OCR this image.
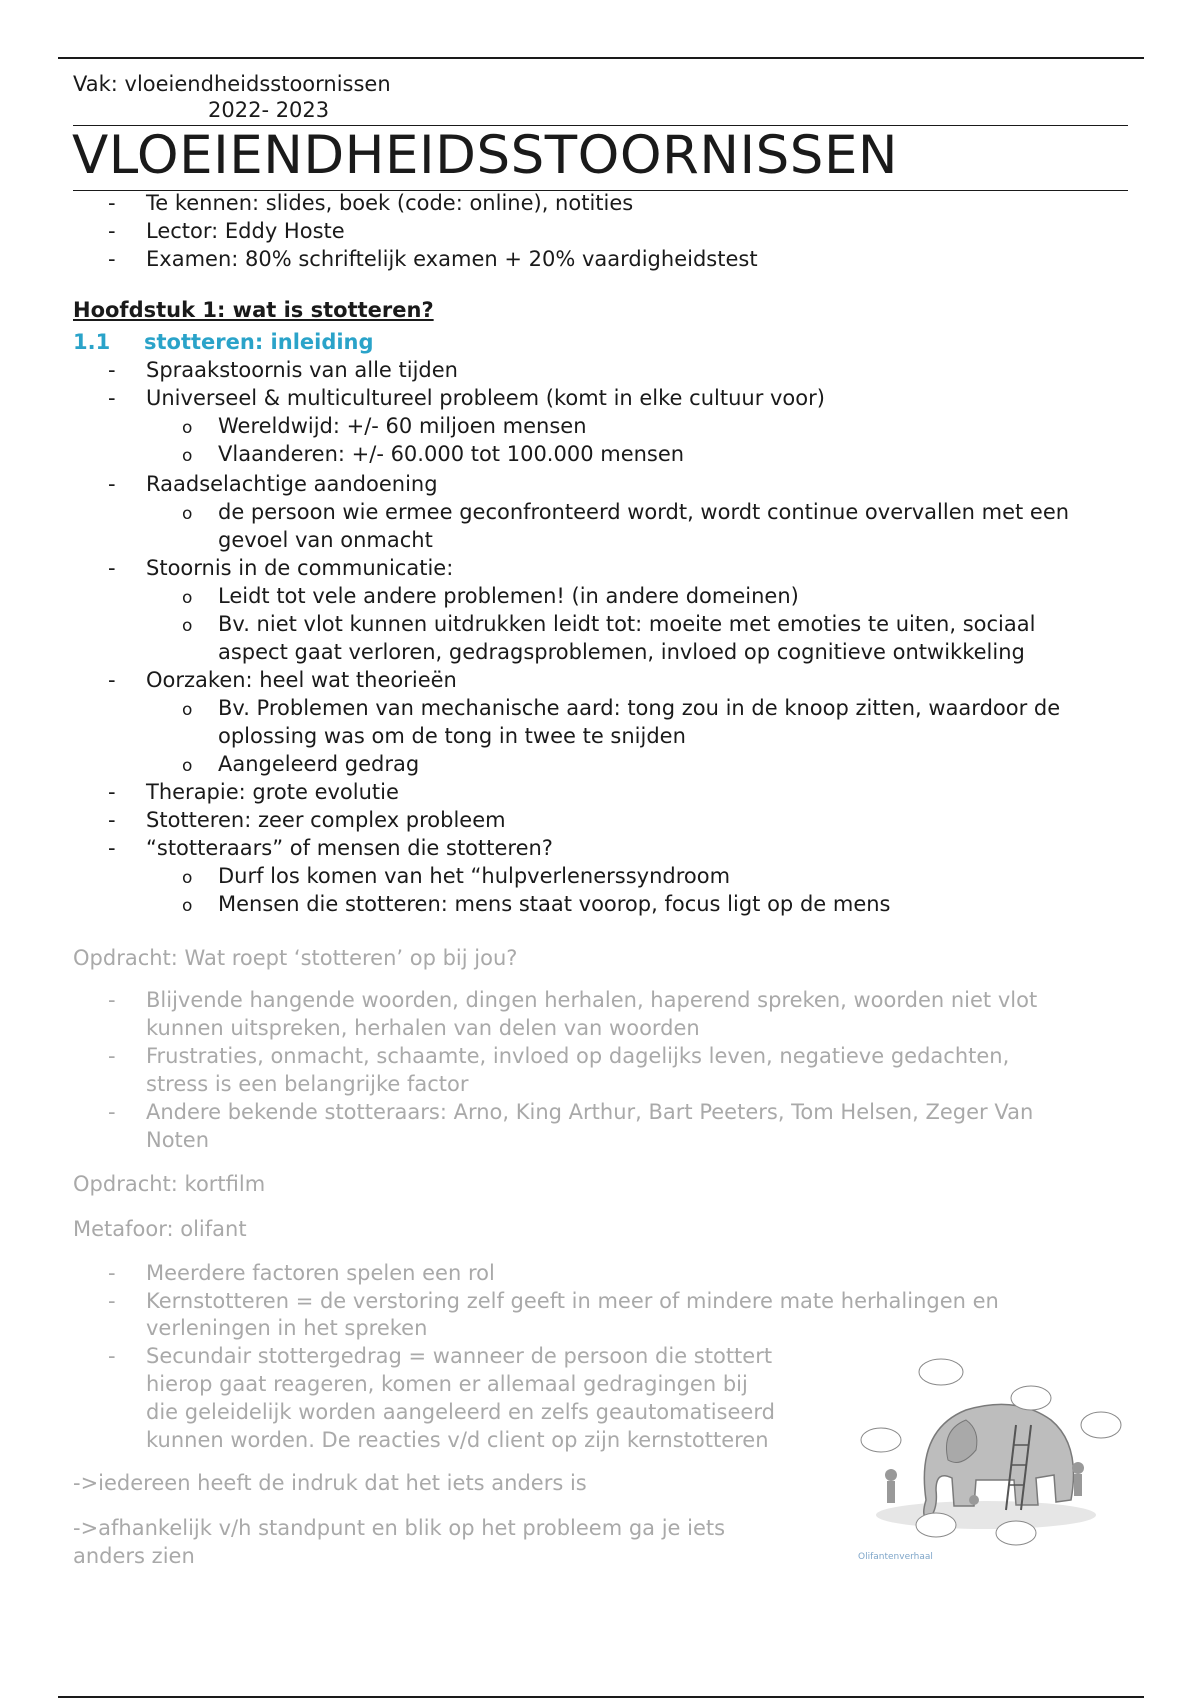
Vak: vloeiendheidsstoornissen
2022- 2023
VLOEIENDHEIDSSTOORNISSEN
- Te kennen: slides, boek (code: online), notities
- Lector: Eddy Hoste
- Examen: 80% schriftelijk examen + 20% vaardigheidstest
Hoofdstuk 1: wat is stotteren?
1.1 stotteren: inleiding
- Spraakstoornis van alle tijden
- Universeel & multicultureel probleem (komt in elke cultuur voor)
o Wereldwijd: +/- 60 miljoen mensen
o Vlaanderen: +/- 60.000 tot 100.000 mensen
- Raadselachtige aandoening
o de persoon wie ermee geconfronteerd wordt, wordt continue overvallen met een
gevoel van onmacht
- Stoornis in de communicatie:
o Leidt tot vele andere problemen! (in andere domeinen)
o Bv. niet vlot kunnen uitdrukken leidt tot: moeite met emoties te uiten, sociaal
aspect gaat verloren, gedragsproblemen, invloed op cognitieve ontwikkeling
- Oorzaken: heel wat theorieën
o Bv. Problemen van mechanische aard: tong zou in de knoop zitten, waardoor de
oplossing was om de tong in twee te snijden
o Aangeleerd gedrag
- Therapie: grote evolutie
- Stotteren: zeer complex probleem
- “stotteraars” of mensen die stotteren?
o Durf los komen van het “hulpverlenerssyndroom
o Mensen die stotteren: mens staat voorop, focus ligt op de mens
Opdracht: Wat roept ‘stotteren’ op bij jou?
- Blijvende hangende woorden, dingen herhalen, haperend spreken, woorden niet vlot
kunnen uitspreken, herhalen van delen van woorden
- Frustraties, onmacht, schaamte, invloed op dagelijks leven, negatieve gedachten,
stress is een belangrijke factor
- Andere bekende stotteraars: Arno, King Arthur, Bart Peeters, Tom Helsen, Zeger Van
Noten
Opdracht: kortfilm
Metafoor: olifant
- Meerdere factoren spelen een rol
- Kernstotteren = de verstoring zelf geeft in meer of mindere mate herhalingen en
verleningen in het spreken
- Secundair stottergedrag = wanneer de persoon die stottert
hierop gaat reageren, komen er allemaal gedragingen bij
die geleidelijk worden aangeleerd en zelfs geautomatiseerd
kunnen worden. De reacties v/d client op zijn kernstotteren
->iedereen heeft de indruk dat het iets anders is
->afhankelijk v/h standpunt en blik op het probleem ga je iets
anders zien	Olifantenverhaal
